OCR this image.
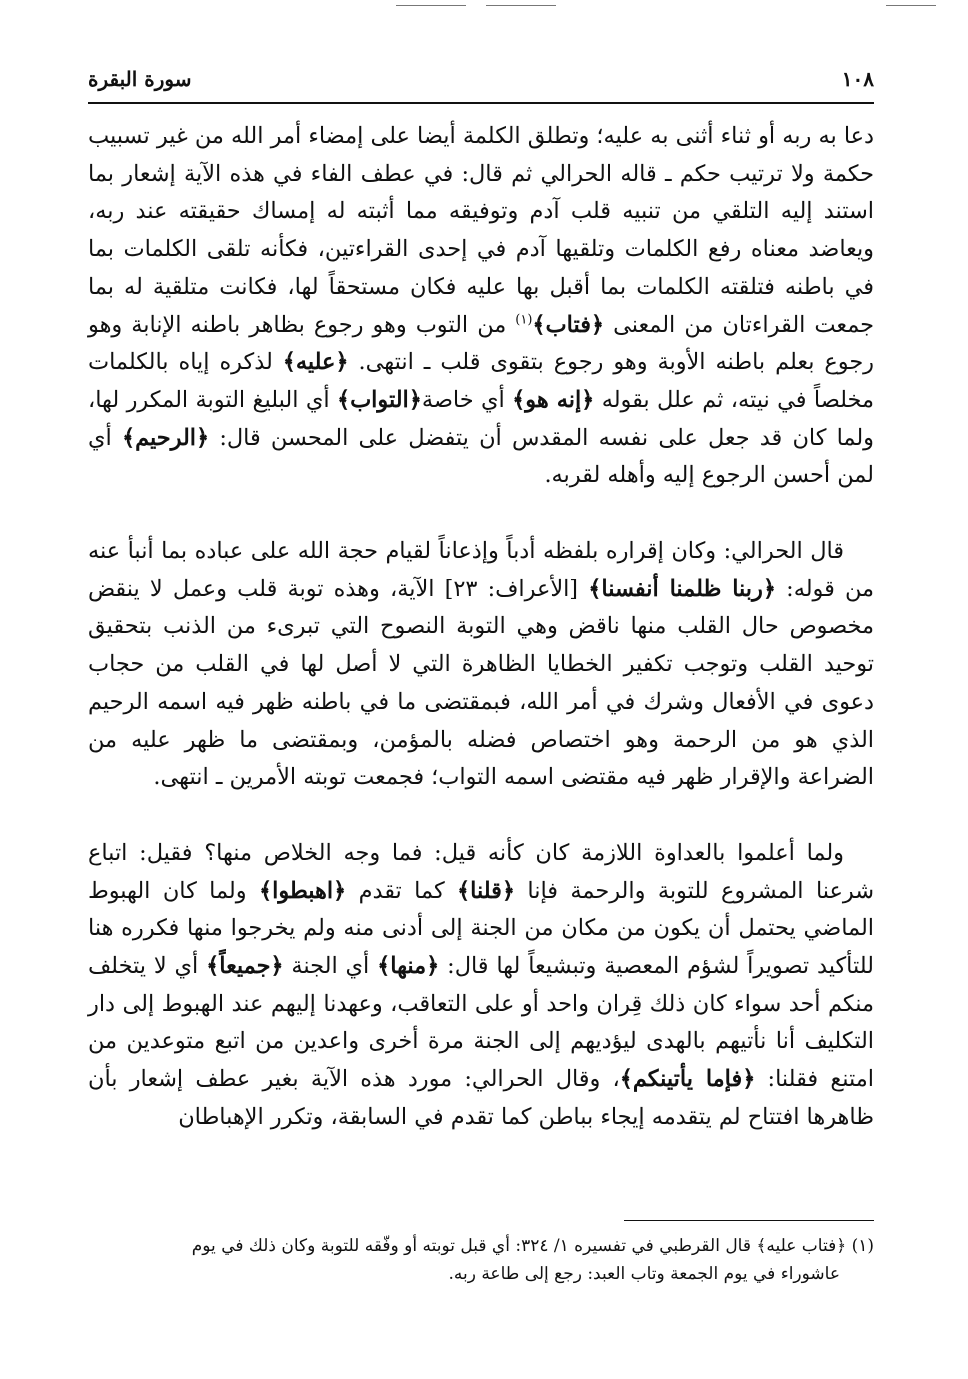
سورة البقرة	١٠٨

دعا به ربه أو ثناء أثنى به عليه؛ وتطلق الكلمة أيضا على إمضاء أمر الله من غير تسبيب حكمة ولا ترتيب حكم ـ قاله الحرالي ثم قال: في عطف الفاء في هذه الآية إشعار بما استند إليه التلقي من تنبيه قلب آدم وتوفيقه مما أثبته له إمساك حقيقته عند ربه، ويعاضد معناه رفع الكلمات وتلقيها آدم في إحدى القراءتين، فكأنه تلقى الكلمات بما في باطنه فتلقته الكلمات بما أقبل بها عليه فكان مستحقاً لها، فكانت متلقية له بما جمعت القراءتان من المعنى ﴿فتاب﴾$^{(١)}$ من التوب وهو رجوع بظاهر باطنه الإنابة وهو رجوع بعلم باطنه الأوبة وهو رجوع بتقوى قلب ـ انتهى. ﴿عليه﴾ لذكره إياه بالكلمات مخلصاً في نيته، ثم علل بقوله ﴿إنه هو﴾ أي خاصة﴿التواب﴾ أي البليغ التوبة المكرر لها، ولما كان قد جعل على نفسه المقدس أن يتفضل على المحسن قال: ﴿الرحيم﴾ أي لمن أحسن الرجوع إليه وأهله لقربه.

قال الحرالي: وكان إقراره بلفظه أدباً وإذعاناً لقيام حجة الله على عباده بما أنبأ عنه من قوله: ﴿ربنا ظلمنا أنفسنا﴾ [الأعراف: ٢٣] الآية، وهذه توبة قلب وعمل لا ينقض مخصوص حال القلب منها ناقض وهي التوبة النصوح التي تبرىء من الذنب بتحقيق توحيد القلب وتوجب تكفير الخطايا الظاهرة التي لا أصل لها في القلب من حجاب دعوى في الأفعال وشرك في أمر الله، فبمقتضى ما في باطنه ظهر فيه اسمه الرحيم الذي هو من الرحمة وهو اختصاص فضله بالمؤمن، وبمقتضى ما ظهر عليه من الضراعة والإقرار ظهر فيه مقتضى اسمه التواب؛ فجمعت توبته الأمرين ـ انتهى.

ولما أعلموا بالعداوة اللازمة كان كأنه قيل: فما وجه الخلاص منها؟ فقيل: اتباع شرعنا المشروع للتوبة والرحمة فإنا ﴿قلنا﴾ كما تقدم ﴿اهبطوا﴾ ولما كان الهبوط الماضي يحتمل أن يكون من مكان من الجنة إلى أدنى منه ولم يخرجوا منها فكرره هنا للتأكيد تصويراً لشؤم المعصية وتبشيعاً لها قال: ﴿منها﴾ أي الجنة ﴿جميعاً﴾ أي لا يتخلف منكم أحد سواء كان ذلك قِران واحد أو على التعاقب، وعهدنا إليهم عند الهبوط إلى دار التكليف أنا نأتيهم بالهدى ليؤديهم إلى الجنة مرة أخرى واعدين من اتبع متوعدين من امتنع فقلنا: ﴿فإما يأتينكم﴾، وقال الحرالي: مورد هذه الآية بغير عطف إشعار بأن ظاهرها افتتاح لم يتقدمه إيجاء بباطن كما تقدم في السابقة، وتكرر الإهباطان

(١) ﴿فتاب عليه﴾ قال القرطبي في تفسيره ١/ ٣٢٤: أي قبل توبته أو وفّقه للتوبة وكان ذلك في يوم

عاشوراء في يوم الجمعة وتاب العبد: رجع إلى طاعة ربه.
